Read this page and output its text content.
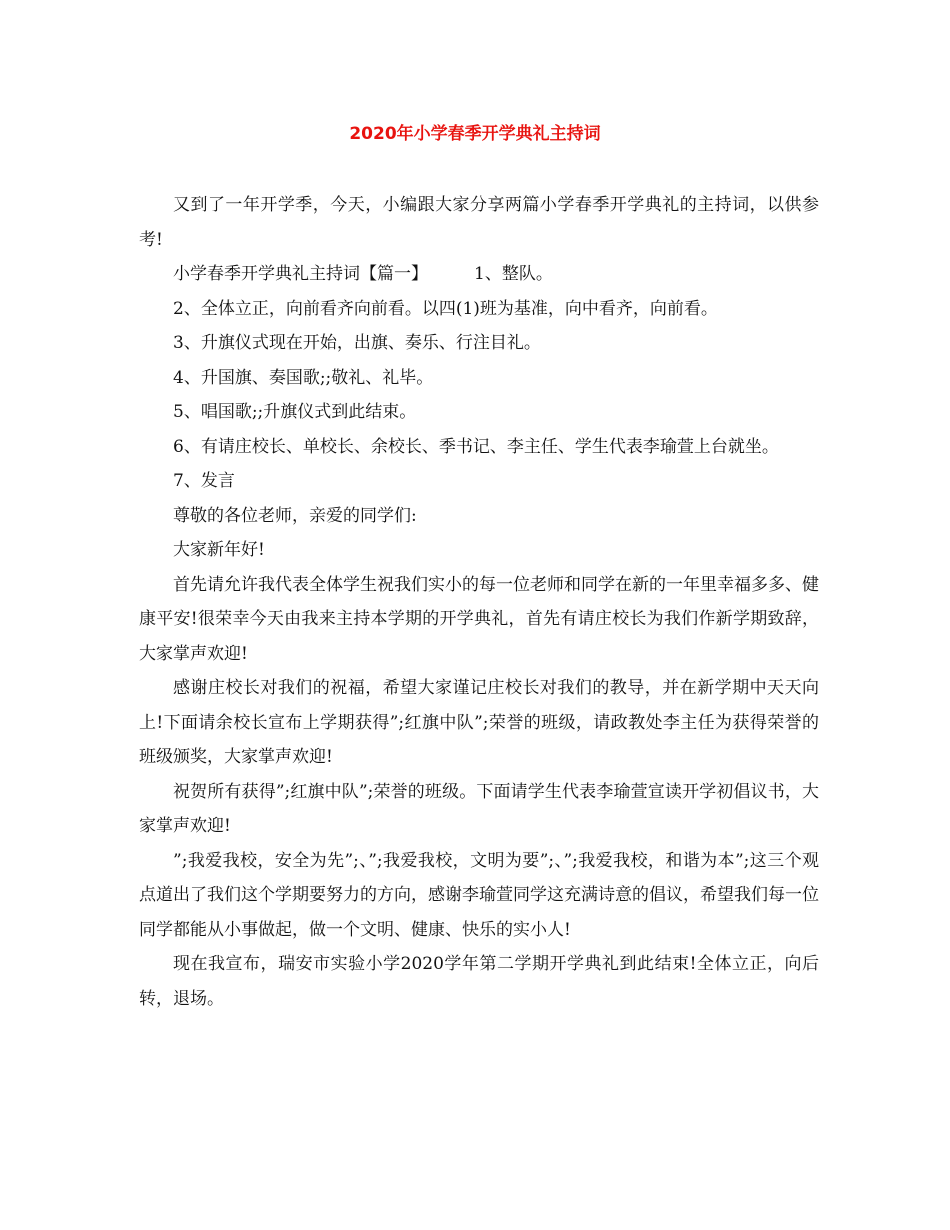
2020年小学春季开学典礼主持词

又到了一年开学季，今天，小编跟大家分享两篇小学春季开学典礼的主持词，以供参考!

小学春季开学典礼主持词【篇一】	1、整队。

2、全体立正，向前看齐向前看。以四(1)班为基准，向中看齐，向前看。

3、升旗仪式现在开始，出旗、奏乐、行注目礼。

4、升国旗、奏国歌;;敬礼、礼毕。

5、唱国歌;;升旗仪式到此结束。

6、有请庄校长、单校长、余校长、季书记、李主任、学生代表李瑜萱上台就坐。

7、发言

尊敬的各位老师，亲爱的同学们:

大家新年好!

首先请允许我代表全体学生祝我们实小的每一位老师和同学在新的一年里幸福多多、健康平安!很荣幸今天由我来主持本学期的开学典礼，首先有请庄校长为我们作新学期致辞，大家掌声欢迎!

感谢庄校长对我们的祝福，希望大家谨记庄校长对我们的教导，并在新学期中天天向上!下面请余校长宣布上学期获得”;红旗中队”;荣誉的班级，请政教处李主任为获得荣誉的班级颁奖，大家掌声欢迎!

祝贺所有获得”;红旗中队”;荣誉的班级。下面请学生代表李瑜萱宣读开学初倡议书，大家掌声欢迎!

”;我爱我校，安全为先”;、”;我爱我校，文明为要”;、”;我爱我校，和谐为本”;这三个观点道出了我们这个学期要努力的方向，感谢李瑜萱同学这充满诗意的倡议，希望我们每一位同学都能从小事做起，做一个文明、健康、快乐的实小人!

现在我宣布，瑞安市实验小学2020学年第二学期开学典礼到此结束!全体立正，向后转，退场。
